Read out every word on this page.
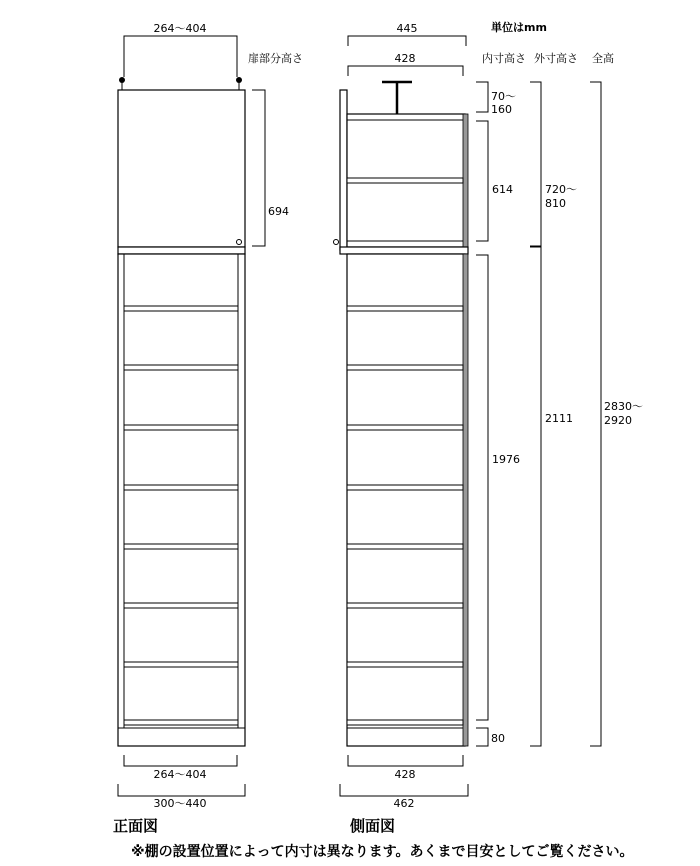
単位はmm
扉部分高さ	内寸高さ 外寸高さ 全高
264〜404
694
264〜404
300〜440
正面図
445
428
428
462
側面図
70〜
160
614
1976
80
720〜
810
2111
2830〜
2920
※棚の設置位置によって内寸は異なります。あくまで目安としてご覧ください。
